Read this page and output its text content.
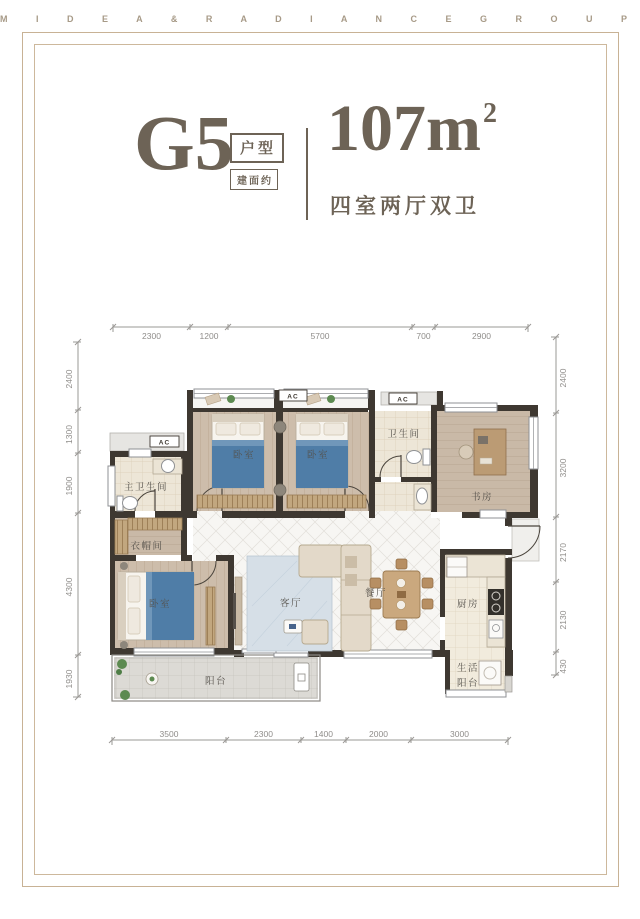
M I D E A & R A D I A N C E G R O U P
G5 户型
建面约
$107m^2$
四室两厅双卫
AC
AC	AC
主卫生间
衣帽间
卧室
卧室	卧室
卫生间
书房
客厅
餐厅
厨房
阳台
生活
阳台
2300	1200	5700	700	2900
3500	2300	1400	2000	3000
2400
1300
1900
4300
1930
2400
3200
2170
2130
430
